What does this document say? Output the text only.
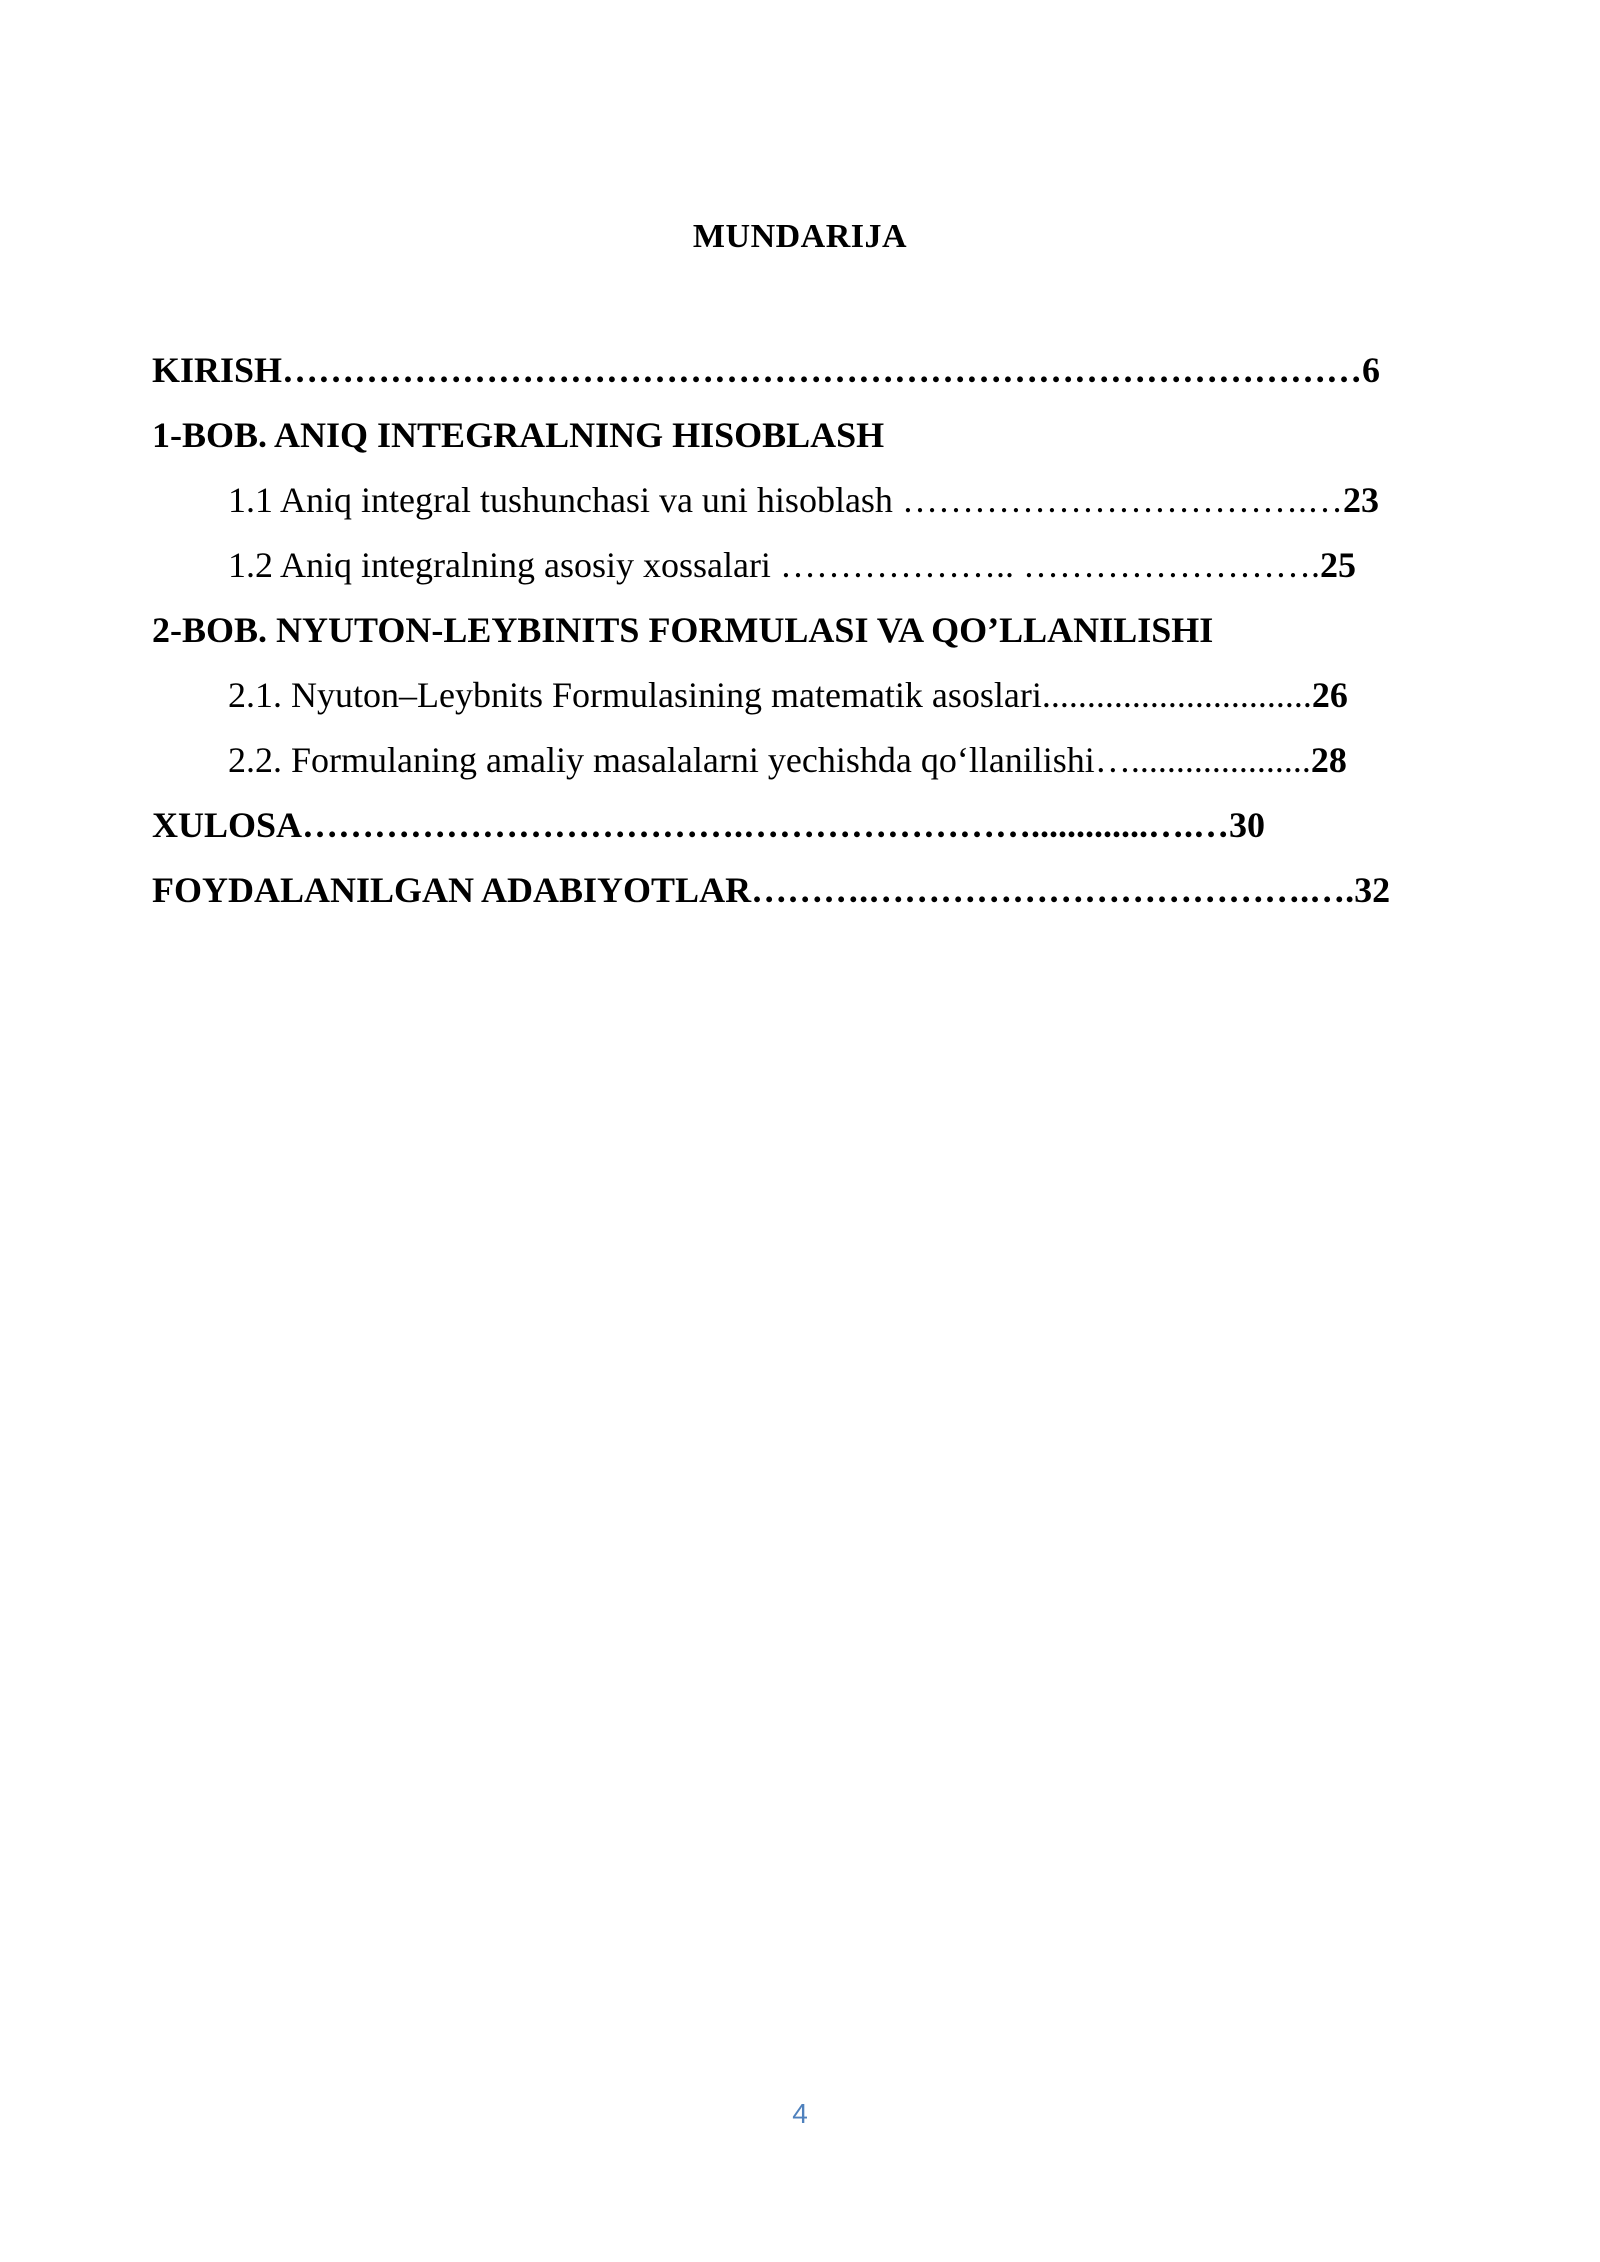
MUNDARIJA
KIRISH………………………………………………………………………………6
1-BOB. ANIQ INTEGRALNING HISOBLASH
1.1 Aniq integral tushunchasi va uni hisoblash …………………………….…23
1.2 Aniq integralning asosiy xossalari ……………….. …………………….25
2-BOB. NYUTON-LEYBINITS FORMULASI VA QO’LLANILISHI
2.1. Nyuton–Leybnits Formulasining matematik asoslari..............................26
2.2. Formulaning amaliy masalalarni yechishda qo‘llanilishi…....................28
XULOSA……………………………….…………………….............….…30
FOYDALANILGAN ADABIYOTLAR……….……………………………….….32
4
